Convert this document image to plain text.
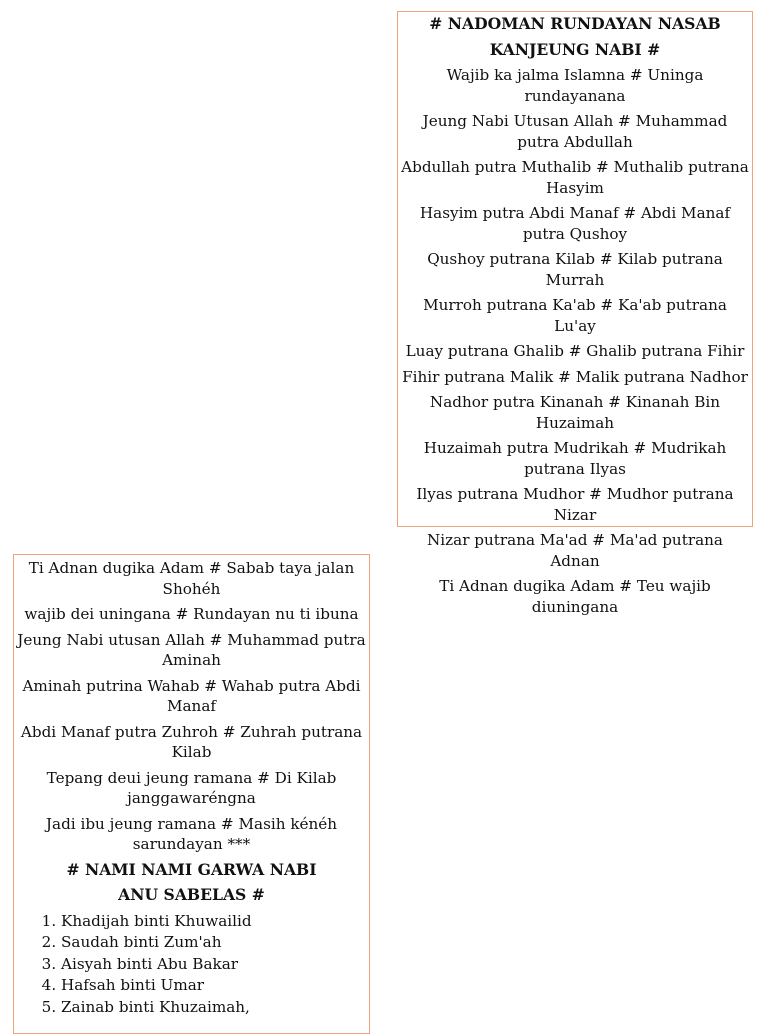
# NADOMAN RUNDAYAN NASAB
KANJEUNG NABI #
Wajib ka jalma Islamna # Uninga rundayanana
Jeung Nabi Utusan Allah # Muhammad putra Abdullah
Abdullah putra Muthalib # Muthalib putrana Hasyim
Hasyim putra Abdi Manaf # Abdi Manaf putra Qushoy
Qushoy putrana Kilab # Kilab putrana Murrah
Murroh putrana Ka'ab # Ka'ab putrana Lu'ay
Luay putrana Ghalib # Ghalib putrana Fihir
Fihir putrana Malik # Malik putrana Nadhor
Nadhor putra Kinanah # Kinanah Bin Huzaimah
Huzaimah putra Mudrikah # Mudrikah putrana Ilyas
Ilyas putrana Mudhor # Mudhor putrana Nizar
Nizar putrana Ma'ad # Ma'ad putrana Adnan
Ti Adnan dugika Adam # Teu wajib diuningana
Ti Adnan dugika Adam # Sabab taya jalan Shohéh
wajib dei uningana # Rundayan nu ti ibuna
Jeung Nabi utusan Allah # Muhammad putra Aminah
Aminah putrina Wahab # Wahab putra Abdi Manaf
Abdi Manaf putra Zuhroh # Zuhrah putrana Kilab
Tepang deui jeung ramana # Di Kilab janggawaréngna
Jadi ibu jeung ramana # Masih kénéh sarundayan ***
# NAMI NAMI GARWA NABI
ANU SABELAS #
1. Khadijah binti Khuwailid
2. Saudah binti Zum'ah
3. Aisyah binti Abu Bakar
4. Hafsah binti Umar
5. Zainab binti Khuzaimah,
